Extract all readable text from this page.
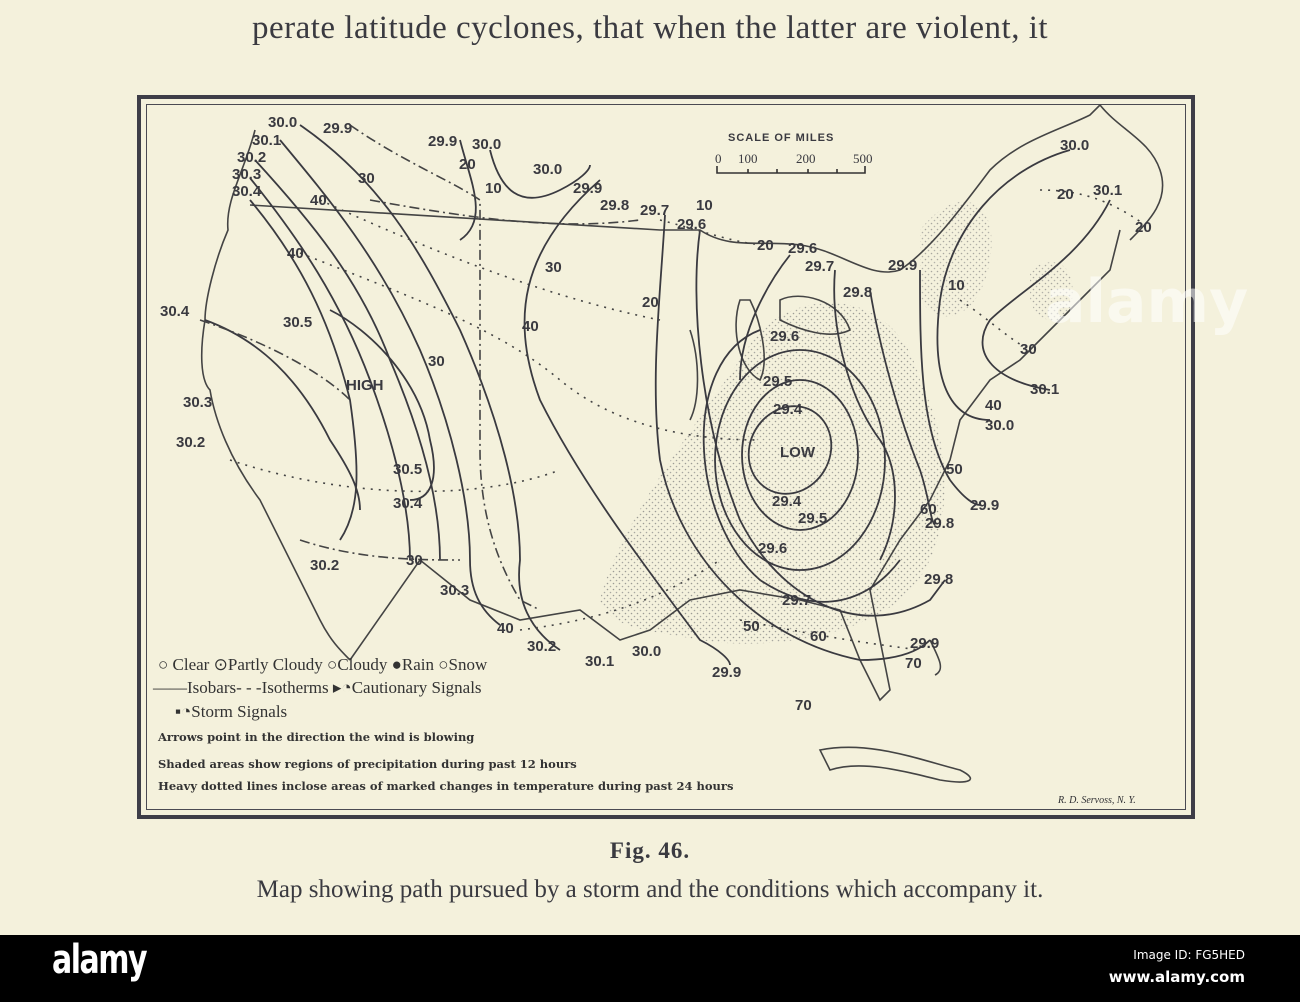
perate latitude cyclones, that when the latter are violent, it
30.0
30.1
30.2
30.3
30.4
29.9
29.9 30.0
30.0
29.9
29.8 29.7 10
29.6
20 29.6
29.7	29.9
29.8
30.0
20 30.1
20
10
30
30.1
40
30.0
50
29.9
60
29.8
29.8
29.9
70
29.9
30.0
30.1
30.2
40
30.3
30
30.2
30.4
30.5
HIGH
30.5
30.4
30.3
30.2
30
40
40
30
10
20
20
40
30
29.6
29.5
29.4
LOW
29.4
29.5
29.6
29.7
50
60
70
SCALE OF MILES
0 100	200	500
○ Clear ⊙Partly Cloudy ○Cloudy ●Rain ○Snow
——Isobars- - -Isotherms ▸◔Cautionary Signals
▪◔Storm Signals
Arrows point in the direction the wind is blowing
Shaded areas show regions of precipitation during past 12 hours
Heavy dotted lines inclose areas of marked changes in temperature during past 24 hours
R. D. Servoss, N. Y.
alamy
Fig. 46.
Map showing path pursued by a storm and the conditions which accompany it.
alamy	Image ID: FG5HED
www.alamy.com
